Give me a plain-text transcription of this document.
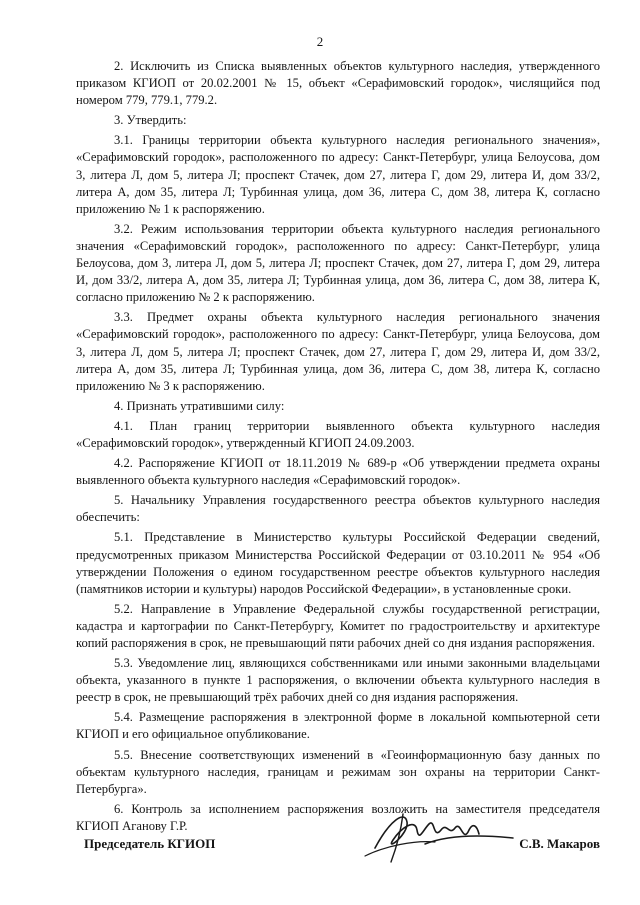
2

2. Исключить из Списка выявленных объектов культурного наследия, утвержденного приказом КГИОП от 20.02.2001 № 15, объект «Серафимовский городок», числящийся под номером 779, 779.1, 779.2.

3. Утвердить:

3.1. Границы территории объекта культурного наследия регионального значения», «Серафимовский городок», расположенного по адресу: Санкт-Петербург, улица Белоусова, дом 3, литера Л, дом 5, литера Л; проспект Стачек, дом 27, литера Г, дом 29, литера И, дом 33/2, литера А, дом 35, литера Л; Турбинная улица, дом 36, литера С, дом 38, литера К, согласно приложению № 1 к распоряжению.

3.2. Режим использования территории объекта культурного наследия регионального значения «Серафимовский городок», расположенного по адресу: Санкт-Петербург, улица Белоусова, дом 3, литера Л, дом 5, литера Л; проспект Стачек, дом 27, литера Г, дом 29, литера И, дом 33/2, литера А, дом 35, литера Л; Турбинная улица, дом 36, литера С, дом 38, литера К, согласно приложению № 2 к распоряжению.

3.3. Предмет охраны объекта культурного наследия регионального значения «Серафимовский городок», расположенного по адресу: Санкт-Петербург, улица Белоусова, дом 3, литера Л, дом 5, литера Л; проспект Стачек, дом 27, литера Г, дом 29, литера И, дом 33/2, литера А, дом 35, литера Л; Турбинная улица, дом 36, литера С, дом 38, литера К, согласно приложению № 3 к распоряжению.

4. Признать утратившими силу:

4.1. План границ территории выявленного объекта культурного наследия «Серафимовский городок», утвержденный КГИОП 24.09.2003.

4.2. Распоряжение КГИОП от 18.11.2019 № 689-р «Об утверждении предмета охраны выявленного объекта культурного наследия «Серафимовский городок».

5. Начальнику Управления государственного реестра объектов культурного наследия обеспечить:

5.1. Представление в Министерство культуры Российской Федерации сведений, предусмотренных приказом Министерства Российской Федерации от 03.10.2011 № 954 «Об утверждении Положения о едином государственном реестре объектов культурного наследия (памятников истории и культуры) народов Российской Федерации», в установленные сроки.

5.2. Направление в Управление Федеральной службы государственной регистрации, кадастра и картографии по Санкт-Петербургу, Комитет по градостроительству и архитектуре копий распоряжения в срок, не превышающий пяти рабочих дней со дня издания распоряжения.

5.3. Уведомление лиц, являющихся собственниками или иными законными владельцами объекта, указанного в пункте 1 распоряжения, о включении объекта культурного наследия в реестр в срок, не превышающий трёх рабочих дней со дня издания распоряжения.

5.4. Размещение распоряжения в электронной форме в локальной компьютерной сети КГИОП и его официальное опубликование.

5.5. Внесение соответствующих изменений в «Геоинформационную базу данных по объектам культурного наследия, границам и режимам зон охраны на территории Санкт-Петербурга».

6. Контроль за исполнением распоряжения возложить на заместителя председателя КГИОП Аганову Г.Р.

Председатель КГИОП	С.В. Макаров
